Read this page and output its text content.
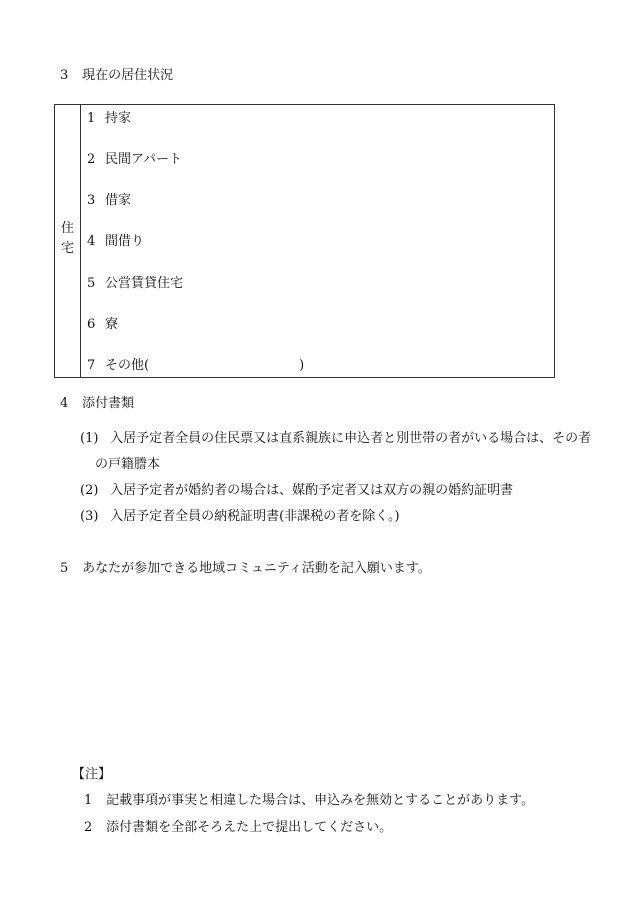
3 現在の居住状況
住
宅
1 持家
2 民間アパート
3 借家
4 間借り
5 公営賃貸住宅
6 寮
7 その他(	)
4 添付書類
(1) 入居予定者全員の住民票又は直系親族に申込者と別世帯の者がいる場合は、その者
の戸籍謄本
(2) 入居予定者が婚約者の場合は、媒酌予定者又は双方の親の婚約証明書
(3) 入居予定者全員の納税証明書(非課税の者を除く。)
5 あなたが参加できる地域コミュニティ活動を記入願います。
【注】
1 記載事項が事実と相違した場合は、申込みを無効とすることがあります。
2 添付書類を全部そろえた上で提出してください。
